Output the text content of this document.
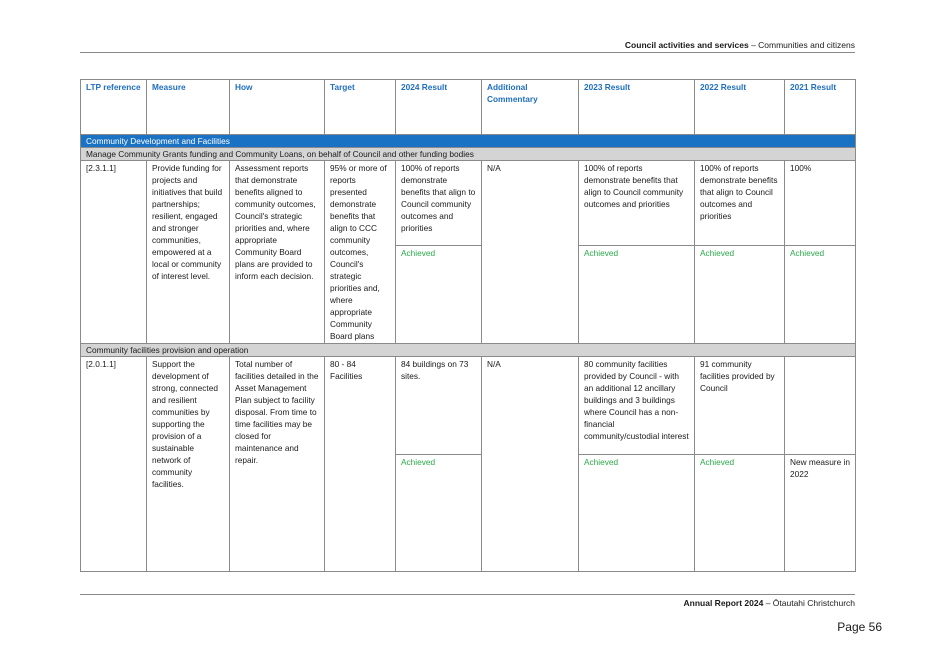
Council activities and services – Communities and citizens
LTP reference	Measure	How	Target	2024 Result	Additional Commentary	2023 Result	2022 Result	2021 Result
Community Development and Facilities								
Manage Community Grants funding and Community Loans, on behalf of Council and other funding bodies								
[2.3.1.1]	Provide funding for projects and initiatives that build partnerships; resilient, engaged and stronger communities, empowered at a local or community of interest level.	Assessment reports that demonstrate benefits aligned to community outcomes, Council's strategic priorities and, where appropriate Community Board plans are provided to inform each decision.	95% or more of reports presented demonstrate benefits that align to CCC community outcomes, Council's strategic priorities and, where appropriate Community Board plans	100% of reports demonstrate benefits that align to Council community outcomes and priorities	N/A	100% of reports demonstrate benefits that align to Council community outcomes and priorities	100% of reports demonstrate benefits that align to Council outcomes and priorities	100%
				Achieved		Achieved	Achieved	Achieved
Community facilities provision and operation								
[2.0.1.1]	Support the development of strong, connected and resilient communities by supporting the provision of a sustainable network of community facilities.	Total number of facilities detailed in the Asset Management Plan subject to facility disposal. From time to time facilities may be closed for maintenance and repair.	80 - 84 Facilities	84 buildings on 73 sites.	N/A	80 community facilities provided by Council - with an additional 12 ancillary buildings and 3 buildings where Council has a non-financial community/custodial interest	91 community facilities provided by Council	
				Achieved		Achieved	Achieved	New measure in 2022
Annual Report 2024 – Ōtautahi Christchurch
Page 56
